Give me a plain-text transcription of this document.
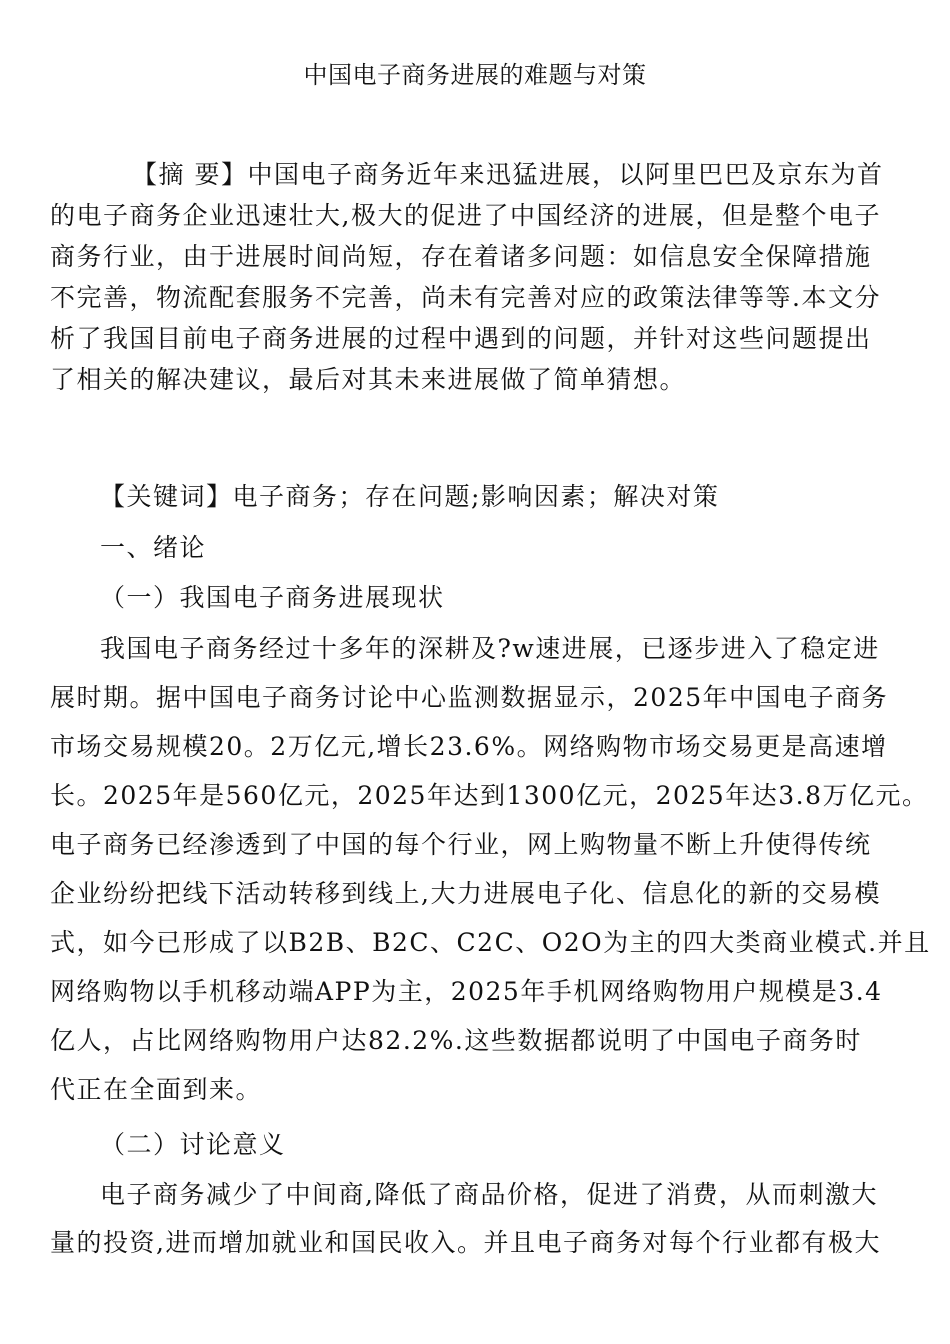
中国电子商务进展的难题与对策
【摘 要】中国电子商务近年来迅猛进展，以阿里巴巴及京东为首
的电子商务企业迅速壮大,极大的促进了中国经济的进展，但是整个电子
商务行业，由于进展时间尚短，存在着诸多问题：如信息安全保障措施
不完善，物流配套服务不完善，尚未有完善对应的政策法律等等.本文分
析了我国目前电子商务进展的过程中遇到的问题，并针对这些问题提出
了相关的解决建议，最后对其未来进展做了简单猜想。
【关键词】电子商务；存在问题;影响因素；解决对策
一、绪论
（一）我国电子商务进展现状
我国电子商务经过十多年的深耕及?w速进展，已逐步进入了稳定进
展时期。据中国电子商务讨论中心监测数据显示，2025年中国电子商务
市场交易规模20。2万亿元,增长23.6%。网络购物市场交易更是高速增
长。2025年是560亿元，2025年达到1300亿元，2025年达3.8万亿元。
电子商务已经渗透到了中国的每个行业，网上购物量不断上升使得传统
企业纷纷把线下活动转移到线上,大力进展电子化、信息化的新的交易模
式，如今已形成了以B2B、B2C、C2C、O2O为主的四大类商业模式.并且
网络购物以手机移动端APP为主，2025年手机网络购物用户规模是3.4
亿人，占比网络购物用户达82.2%.这些数据都说明了中国电子商务时
代正在全面到来。
（二）讨论意义
电子商务减少了中间商,降低了商品价格，促进了消费，从而刺激大
量的投资,进而增加就业和国民收入。并且电子商务对每个行业都有极大
